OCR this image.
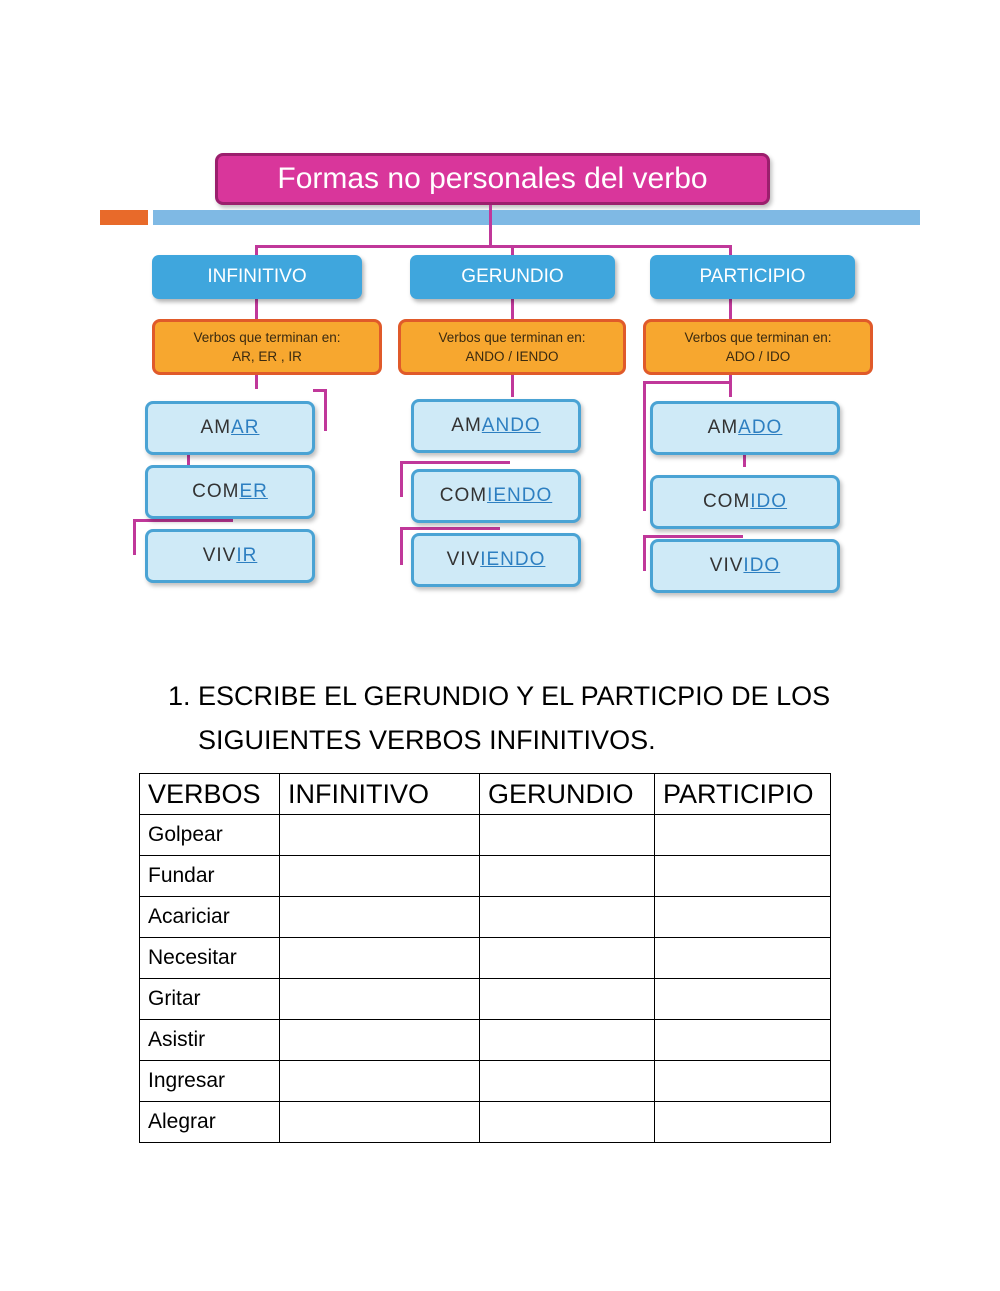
Formas no personales del verbo
INFINITIVO
Verbos que terminan en:
AR, ER , IR
AM AR
COM ER
VIV IR
GERUNDIO
Verbos que terminan en:
ANDO / IENDO
AM ANDO
COM IENDO
VIV IENDO
PARTICIPIO
Verbos que terminan en:
ADO / IDO
AM ADO
COM IDO
VIV IDO
1. ESCRIBE EL GERUNDIO Y EL PARTICPIO DE LOS
SIGUIENTES VERBOS INFINITIVOS.
VERBOS	INFINITIVO	GERUNDIO	PARTICIPIO
Golpear			
Fundar			
Acariciar			
Necesitar			
Gritar			
Asistir			
Ingresar			
Alegrar			
